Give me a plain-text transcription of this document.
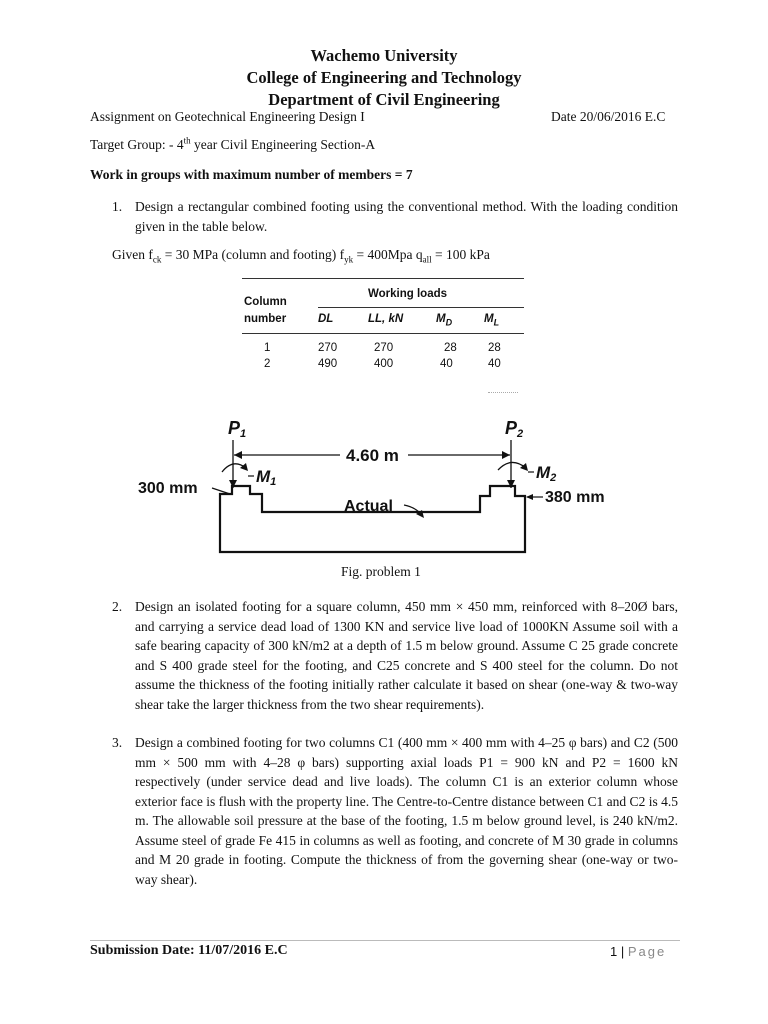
Wachemo University
College of Engineering and Technology
Department of Civil Engineering
Assignment on Geotechnical Engineering Design I	Date 20/06/2016 E.C
Target Group: - 4th year Civil Engineering Section-A
Work in groups with maximum number of members = 7
1. Design a rectangular combined footing using the conventional method. With the loading condition given in the table below.
Given $f_{ck} = 30$ MPa (column and footing) $f_{yk} = 400Mpa$ $q_{all} = 100$ kPa
Working loads
Column
number	DL	LL, kN	$M_D$	$M_L$
1	270	270	28	28
2	490	400	40	40
4.60 m
P1	P2
M1	M2
300 mm
380 mm
Actual
Fig. problem 1
2. Design an isolated footing for a square column, 450 mm × 450 mm, reinforced with 8–20Ø bars, and carrying a service dead load of 1300 KN and service live load of 1000KN Assume soil with a safe bearing capacity of 300 kN/m2 at a depth of 1.5 m below ground. Assume C 25 grade concrete and S 400 grade steel for the footing, and C25 concrete and S 400 steel for the column. Do not assume the thickness of the footing initially rather calculate it based on shear (one-way & two-way shear take the larger thickness from the two shear requirements).
3. Design a combined footing for two columns C1 (400 mm × 400 mm with 4–25 φ bars) and C2 (500 mm × 500 mm with 4–28 φ bars) supporting axial loads P1 = 900 kN and P2 = 1600 kN respectively (under service dead and live loads). The column C1 is an exterior column whose exterior face is flush with the property line. The Centre-to-Centre distance between C1 and C2 is 4.5 m. The allowable soil pressure at the base of the footing, 1.5 m below ground level, is 240 kN/m2. Assume steel of grade Fe 415 in columns as well as footing, and concrete of M 30 grade in columns and M 20 grade in footing. Compute the thickness of from the governing shear (one-way or two-way shear).
Submission Date: 11/07/2016 E.C	1 | Page
